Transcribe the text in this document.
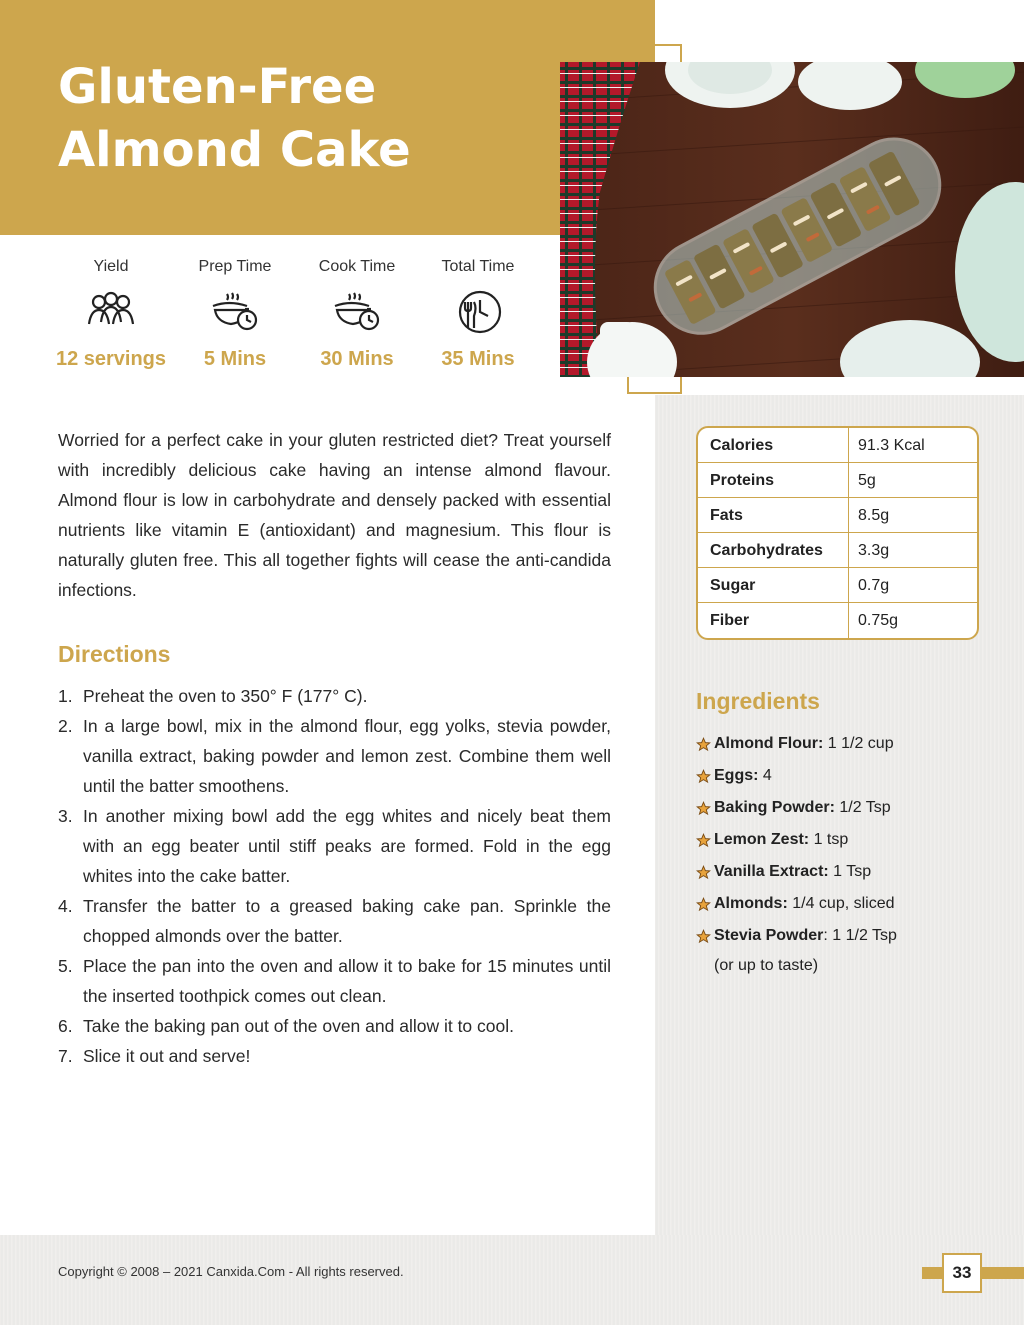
Gluten-Free Almond Cake
Yield
12 servings
Prep Time
5 Mins
Cook Time
30 Mins
Total Time
35 Mins

Worried for a perfect cake in your gluten restricted diet? Treat yourself with incredibly delicious cake having an intense almond flavour. Almond flour is low in carbohydrate and densely packed with essential nutrients like vitamin E (antioxidant) and magnesium. This flour is naturally gluten free. This all together fights will cease the anti-candida infections.

Directions
1. Preheat the oven to 350° F (177° C).
2. In a large bowl, mix in the almond flour, egg yolks, stevia powder, vanilla extract, baking powder and lemon zest. Combine them well until the batter smoothens.
3. In another mixing bowl add the egg whites and nicely beat them with an egg beater until stiff peaks are formed. Fold in the egg whites into the cake batter.
4. Transfer the batter to a greased baking cake pan. Sprinkle the chopped almonds over the batter.
5. Place the pan into the oven and allow it to bake for 15 minutes until the inserted toothpick comes out clean.
6. Take the baking pan out of the oven and allow it to cool.
7. Slice it out and serve!
Calories	91.3 Kcal
Proteins	5g
Fats	8.5g
Carbohydrates	3.3g
Sugar	0.7g
Fiber	0.75g
Ingredients
Almond Flour: 1 1/2 cup
Eggs: 4
Baking Powder: 1/2 Tsp
Lemon Zest: 1 tsp
Vanilla Extract: 1 Tsp
Almonds: 1/4 cup, sliced
Stevia Powder: 1 1/2 Tsp
(or up to taste)
Copyright © 2008 – 2021 Canxida.Com - All rights reserved.	33
